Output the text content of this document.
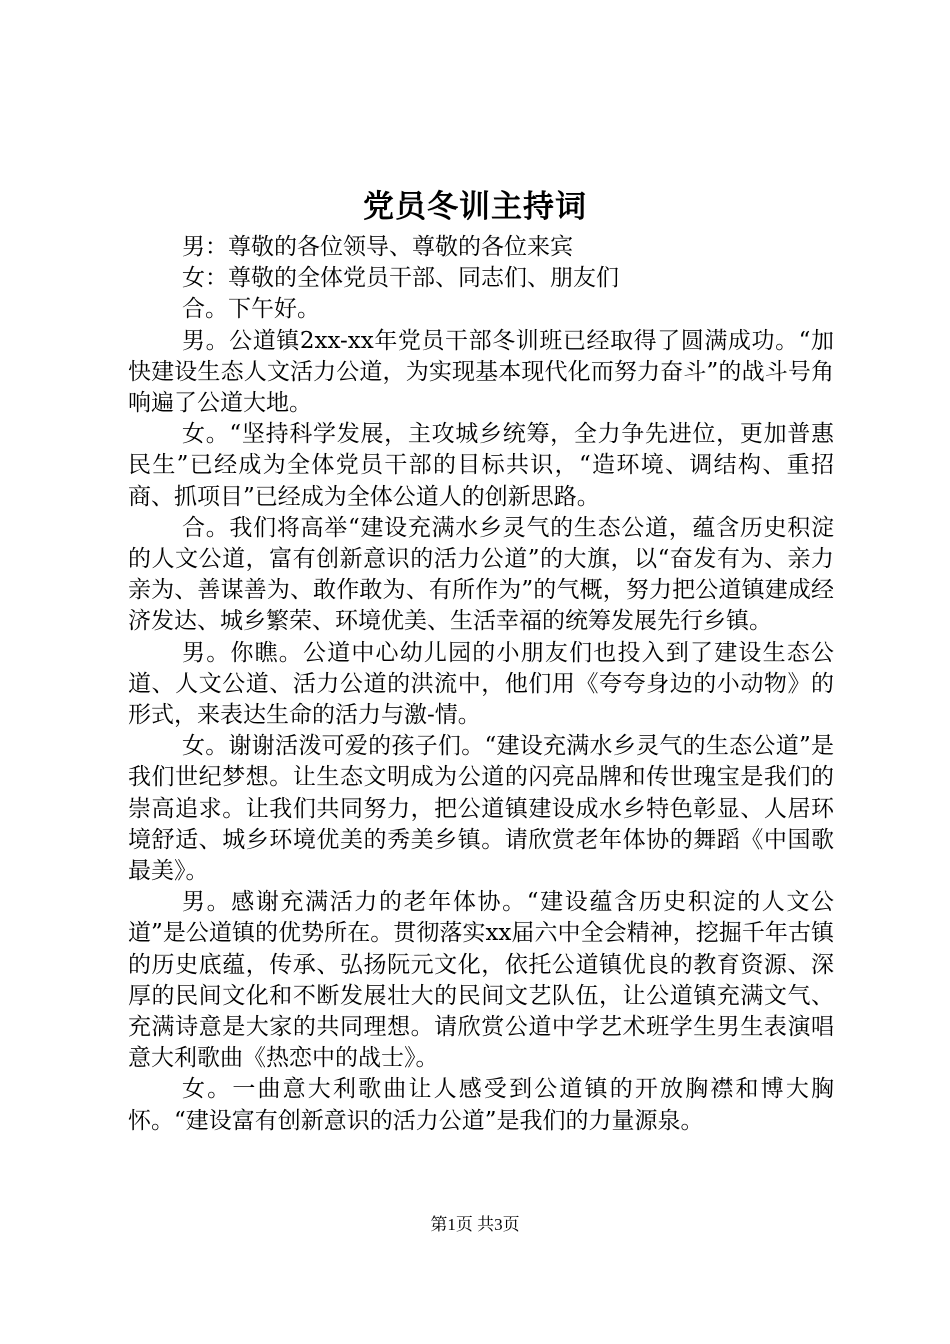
党员冬训主持词

男：尊敬的各位领导、尊敬的各位来宾

女：尊敬的全体党员干部、同志们、朋友们

合。下午好。

男。公道镇2xx-xx年党员干部冬训班已经取得了圆满成功。“加快建设生态人文活力公道，为实现基本现代化而努力奋斗”的战斗号角响遍了公道大地。

女。“坚持科学发展，主攻城乡统筹，全力争先进位，更加普惠民生”已经成为全体党员干部的目标共识，“造环境、调结构、重招商、抓项目”已经成为全体公道人的创新思路。

合。我们将高举“建设充满水乡灵气的生态公道，蕴含历史积淀的人文公道，富有创新意识的活力公道”的大旗，以“奋发有为、亲力亲为、善谋善为、敢作敢为、有所作为”的气概，努力把公道镇建成经济发达、城乡繁荣、环境优美、生活幸福的统筹发展先行乡镇。

男。你瞧。公道中心幼儿园的小朋友们也投入到了建设生态公道、人文公道、活力公道的洪流中，他们用《夸夸身边的小动物》的形式，来表达生命的活力与激-情。

女。谢谢活泼可爱的孩子们。“建设充满水乡灵气的生态公道”是我们世纪梦想。让生态文明成为公道的闪亮品牌和传世瑰宝是我们的崇高追求。让我们共同努力，把公道镇建设成水乡特色彰显、人居环境舒适、城乡环境优美的秀美乡镇。请欣赏老年体协的舞蹈《中国歌最美》。

男。感谢充满活力的老年体协。“建设蕴含历史积淀的人文公道”是公道镇的优势所在。贯彻落实xx届六中全会精神，挖掘千年古镇的历史底蕴，传承、弘扬阮元文化，依托公道镇优良的教育资源、深厚的民间文化和不断发展壮大的民间文艺队伍，让公道镇充满文气、充满诗意是大家的共同理想。请欣赏公道中学艺术班学生男生表演唱意大利歌曲《热恋中的战士》。

女。一曲意大利歌曲让人感受到公道镇的开放胸襟和博大胸怀。“建设富有创新意识的活力公道”是我们的力量源泉。

第1页 共3页
